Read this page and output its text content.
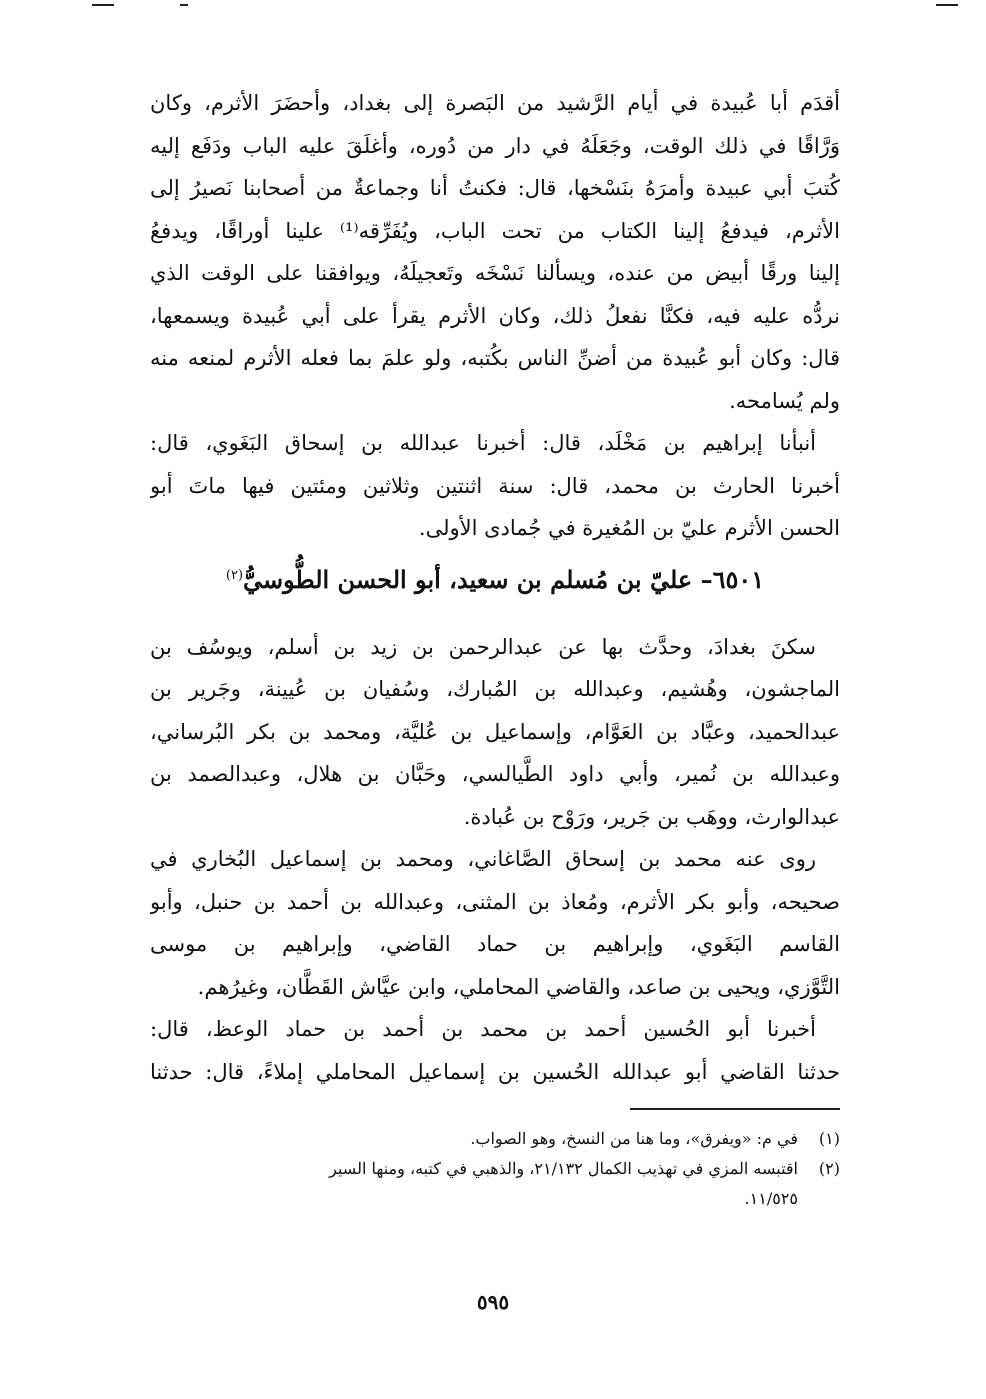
أقدَم أبا عُبيدة في أيام الرَّشيد من البَصرة إلى بغداد، وأحضَرَ الأثرم، وكان
وَرَّاقًا في ذلك الوقت، وجَعَلَهُ في دار من دُوره، وأغلَقَ عليه الباب ودَفَع إليه
كُتبَ أبي عبيدة وأمرَهُ بنَسْخها، قال: فكنتُ أنا وجماعةٌ من أصحابنا نَصيرُ إلى
الأثرم، فيدفعُ إلينا الكتاب من تحت الباب، ويُفَرِّقه⁽¹⁾ علينا أوراقًا، ويدفعُ
إلينا ورقًا أبيض من عنده، ويسألنا نَسْخَه وتَعجيلَهُ، ويوافقنا على الوقت الذي
نردُّه عليه فيه، فكنَّا نفعلُ ذلك، وكان الأثرم يقرأ على أبي عُبيدة ويسمعها،
قال: وكان أبو عُبيدة من أضنِّ الناس بكُتبه، ولو علمَ بما فعله الأثرم لمنعه منه
ولم يُسامحه.

أنبأنا إبراهيم بن مَخْلَد، قال: أخبرنا عبدالله بن إسحاق البَغَوي، قال:
أخبرنا الحارث بن محمد، قال: سنة اثنتين وثلاثين ومئتين فيها ماتَ أبو
الحسن الأثرم عليّ بن المُغيرة في جُمادى الأولى.

٦٥٠١– عليّ بن مُسلم بن سعيد، أبو الحسن الطُّوسيُّ$^{(٢)}$

سكنَ بغدادَ، وحدَّث بها عن عبدالرحمن بن زيد بن أسلم، ويوسُف بن
الماجشون، وهُشيم، وعبدالله بن المُبارك، وسُفيان بن عُيينة، وجَرير بن
عبدالحميد، وعبَّاد بن العَوَّام، وإسماعيل بن عُليَّة، ومحمد بن بكر البُرساني،
وعبدالله بن نُمير، وأبي داود الطَّيالسي، وحَبَّان بن هلال، وعبدالصمد بن
عبدالوارث، ووهَب بن جَرير، ورَوْح بن عُبادة.

روى عنه محمد بن إسحاق الصَّاغاني، ومحمد بن إسماعيل البُخاري في
صحيحه، وأبو بكر الأثرم، ومُعاذ بن المثنى، وعبدالله بن أحمد بن حنبل، وأبو
القاسم البَغَوي، وإبراهيم بن حماد القاضي، وإبراهيم بن موسى
التَّوَّزي، ويحيى بن صاعد، والقاضي المحاملي، وابن عيَّاش القَطَّان، وغيرُهم.

أخبرنا أبو الحُسين أحمد بن محمد بن أحمد بن حماد الوعظ، قال:
حدثنا القاضي أبو عبدالله الحُسين بن إسماعيل المحاملي إملاءً، قال: حدثنا

(١)في م: «ويفرق»، وما هنا من النسخ، وهو الصواب.
(٢)اقتبسه المزي في تهذيب الكمال ٢١/١٣٢، والذهبي في كتبه، ومنها السير
١١/٥٢٥.
٥٩٥
